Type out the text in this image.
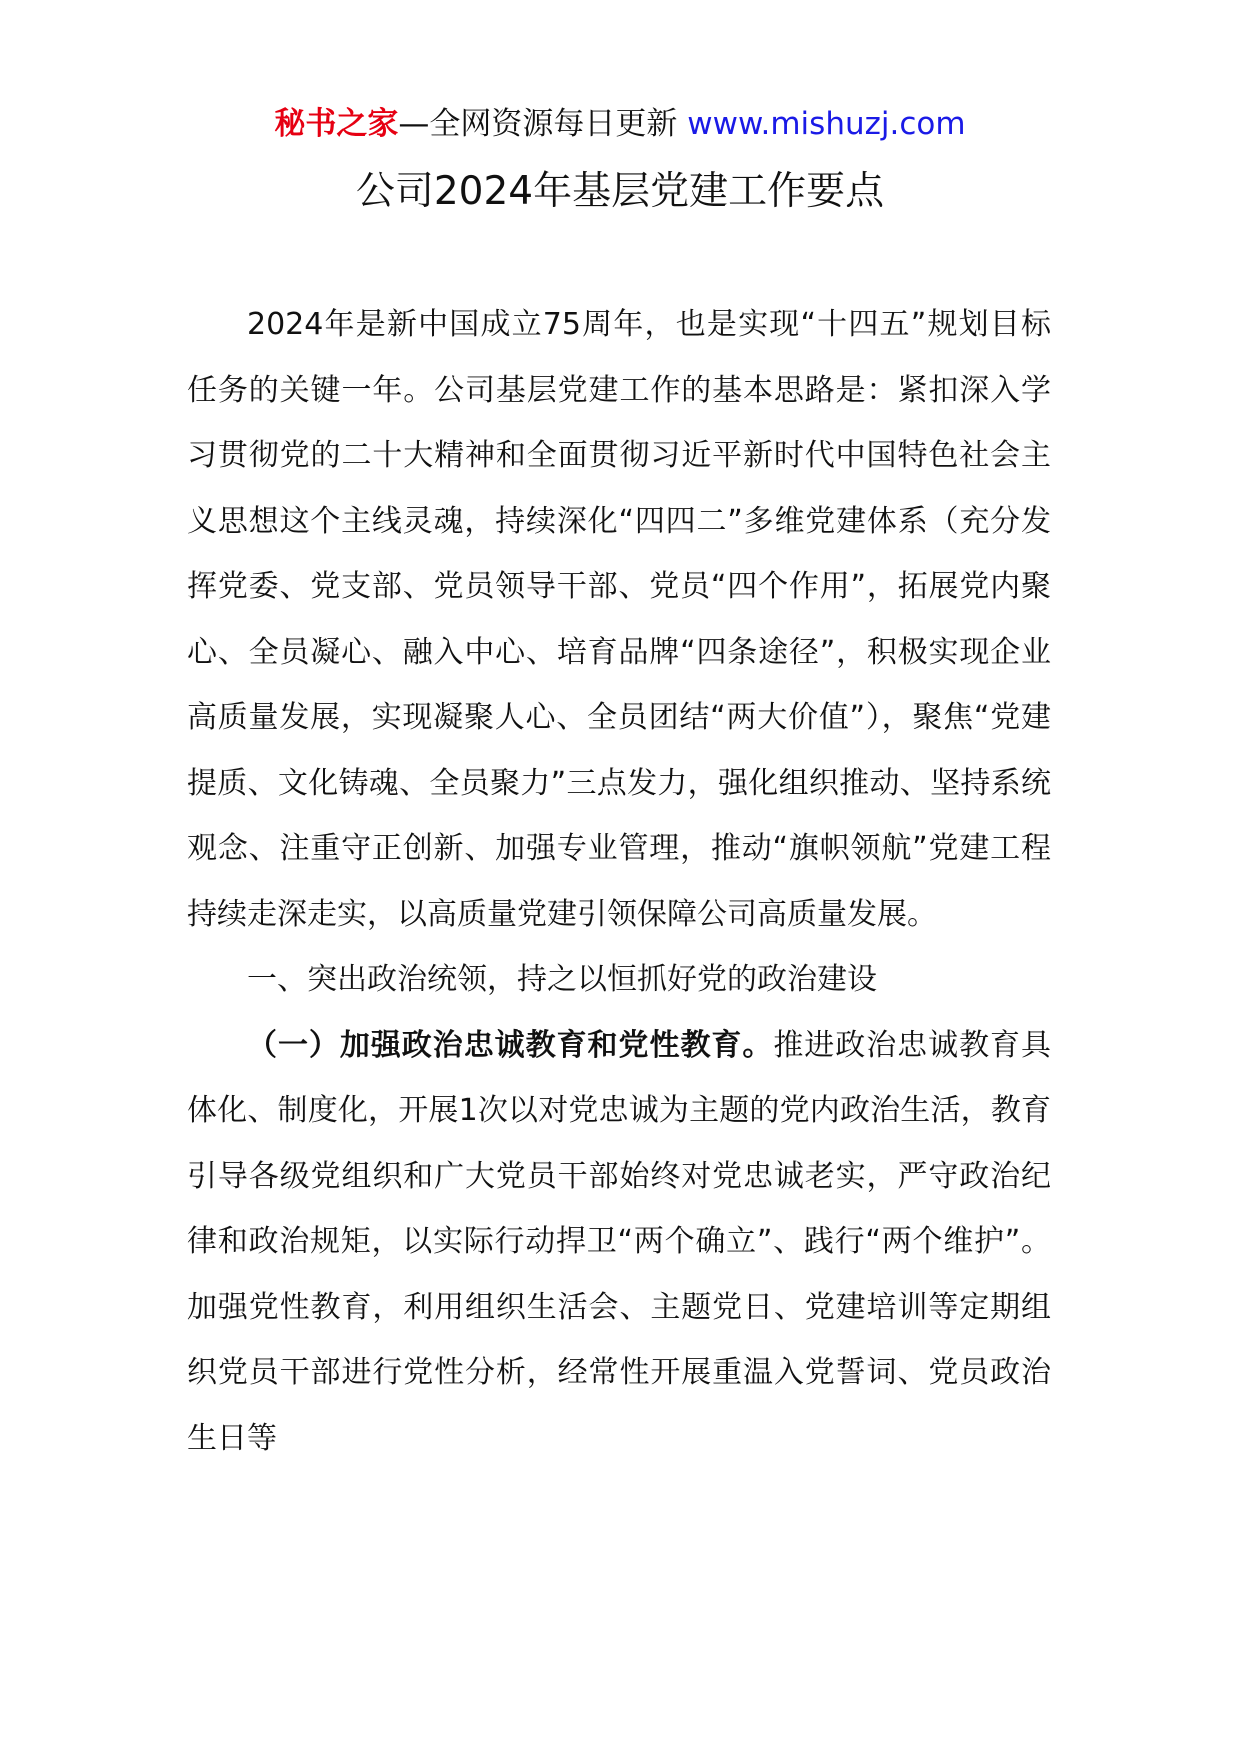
秘书之家—全网资源每日更新 www.mishuzj.com
公司2024年基层党建工作要点

2024年是新中国成立75周年，也是实现“十四五”规划目标任务的关键一年。公司基层党建工作的基本思路是：紧扣深入学习贯彻党的二十大精神和全面贯彻习近平新时代中国特色社会主义思想这个主线灵魂，持续深化“四四二”多维党建体系（充分发挥党委、党支部、党员领导干部、党员“四个作用”，拓展党内聚心、全员凝心、融入中心、培育品牌“四条途径”，积极实现企业高质量发展，实现凝聚人心、全员团结“两大价值”），聚焦“党建提质、文化铸魂、全员聚力”三点发力，强化组织推动、坚持系统观念、注重守正创新、加强专业管理，推动“旗帜领航”党建工程持续走深走实，以高质量党建引领保障公司高质量发展。

一、突出政治统领，持之以恒抓好党的政治建设

（一）加强政治忠诚教育和党性教育。推进政治忠诚教育具体化、制度化，开展1次以对党忠诚为主题的党内政治生活，教育引导各级党组织和广大党员干部始终对党忠诚老实，严守政治纪律和政治规矩，以实际行动捍卫“两个确立”、践行“两个维护”。加强党性教育，利用组织生活会、主题党日、党建培训等定期组织党员干部进行党性分析，经常性开展重温入党誓词、党员政治生日等
